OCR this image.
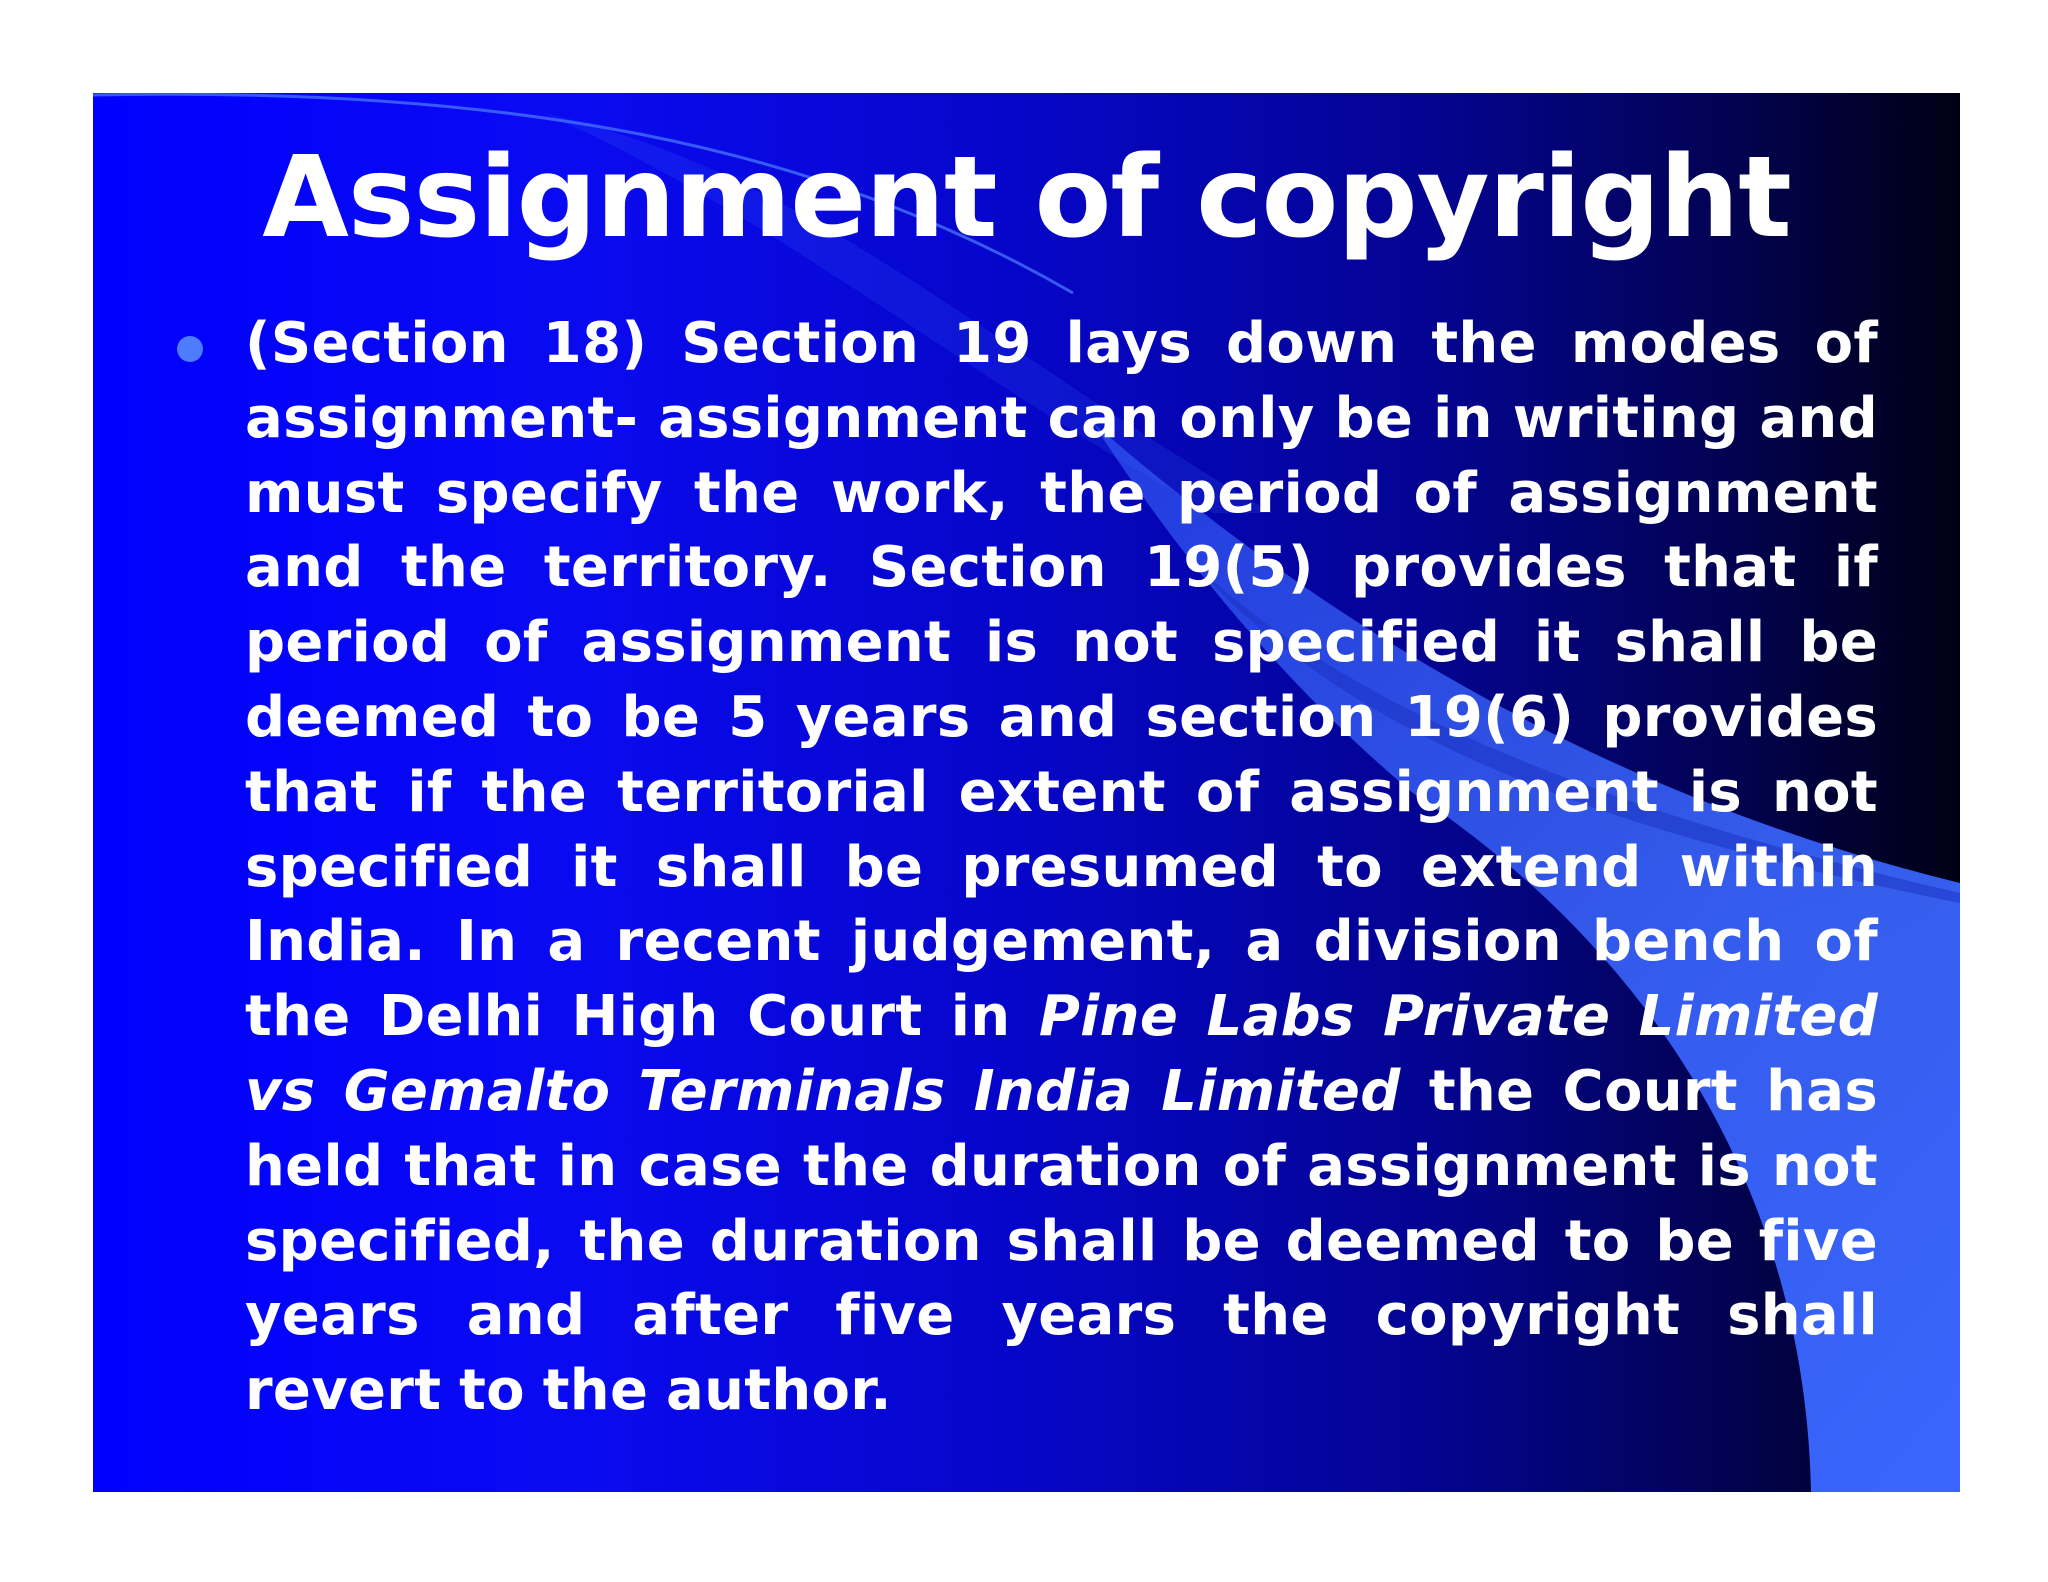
Assignment of copyright
(Section 18) Section 19 lays down the modes of assignment- assignment can only be in writing and must specify the work, the period of assignment and the territory. Section 19(5) provides that if period of assignment is not specified it shall be deemed to be 5 years and section 19(6) provides that if the territorial extent of assignment is not specified it shall be presumed to extend within India. In a recent judgement, a division bench of the Delhi High Court in Pine Labs Private Limited vs Gemalto Terminals India Limited the Court has held that in case the duration of assignment is not specified, the duration shall be deemed to be five years and after five years the copyright shall revert to the author.
